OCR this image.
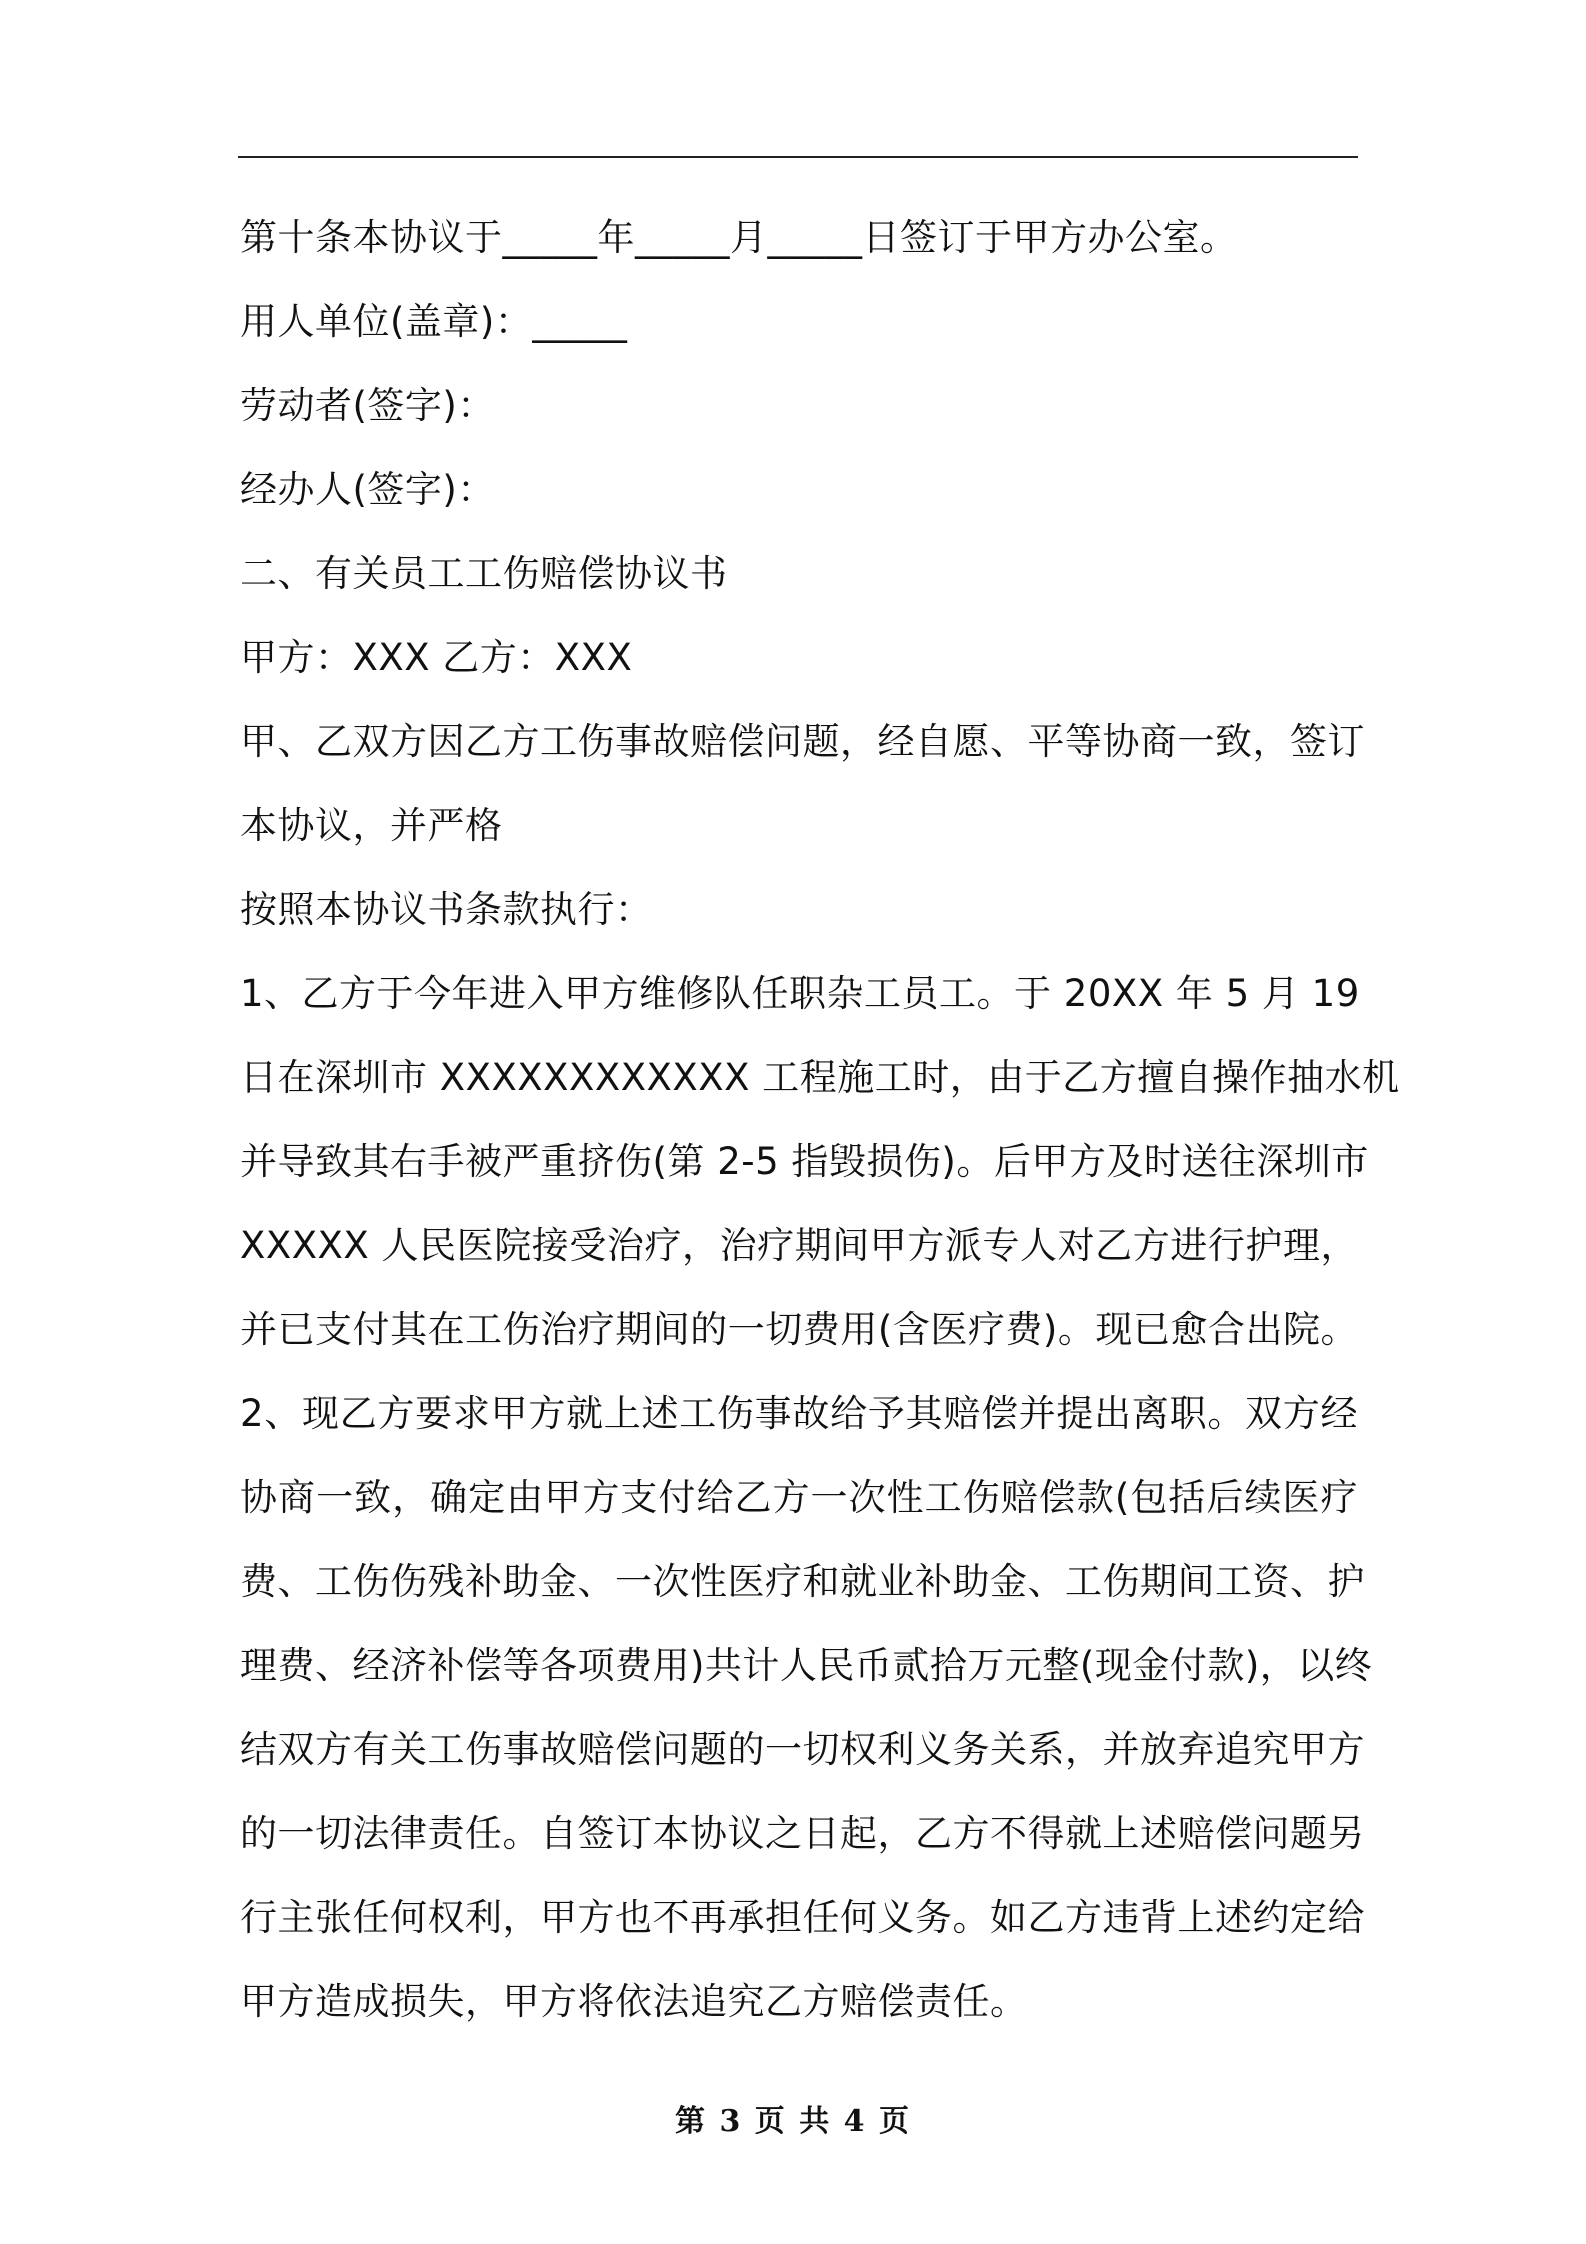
第十条本协议于_____年_____月_____日签订于甲方办公室。
用人单位(盖章)：_____
劳动者(签字)：
经办人(签字)：
二、有关员工工伤赔偿协议书
甲方：XXX 乙方：XXX
甲、乙双方因乙方工伤事故赔偿问题，经自愿、平等协商一致，签订
本协议，并严格
按照本协议书条款执行：
1、乙方于今年进入甲方维修队任职杂工员工。于 20XX 年 5 月 19
日在深圳市 XXXXXXXXXXXX 工程施工时，由于乙方擅自操作抽水机
并导致其右手被严重挤伤(第 2-5 指毁损伤)。后甲方及时送往深圳市
XXXXX 人民医院接受治疗，治疗期间甲方派专人对乙方进行护理，
并已支付其在工伤治疗期间的一切费用(含医疗费)。现已愈合出院。
2、现乙方要求甲方就上述工伤事故给予其赔偿并提出离职。双方经
协商一致，确定由甲方支付给乙方一次性工伤赔偿款(包括后续医疗
费、工伤伤残补助金、一次性医疗和就业补助金、工伤期间工资、护
理费、经济补偿等各项费用)共计人民币贰拾万元整(现金付款)，以终
结双方有关工伤事故赔偿问题的一切权利义务关系，并放弃追究甲方
的一切法律责任。自签订本协议之日起，乙方不得就上述赔偿问题另
行主张任何权利，甲方也不再承担任何义务。如乙方违背上述约定给
甲方造成损失，甲方将依法追究乙方赔偿责任。
第 3 页 共 4 页
